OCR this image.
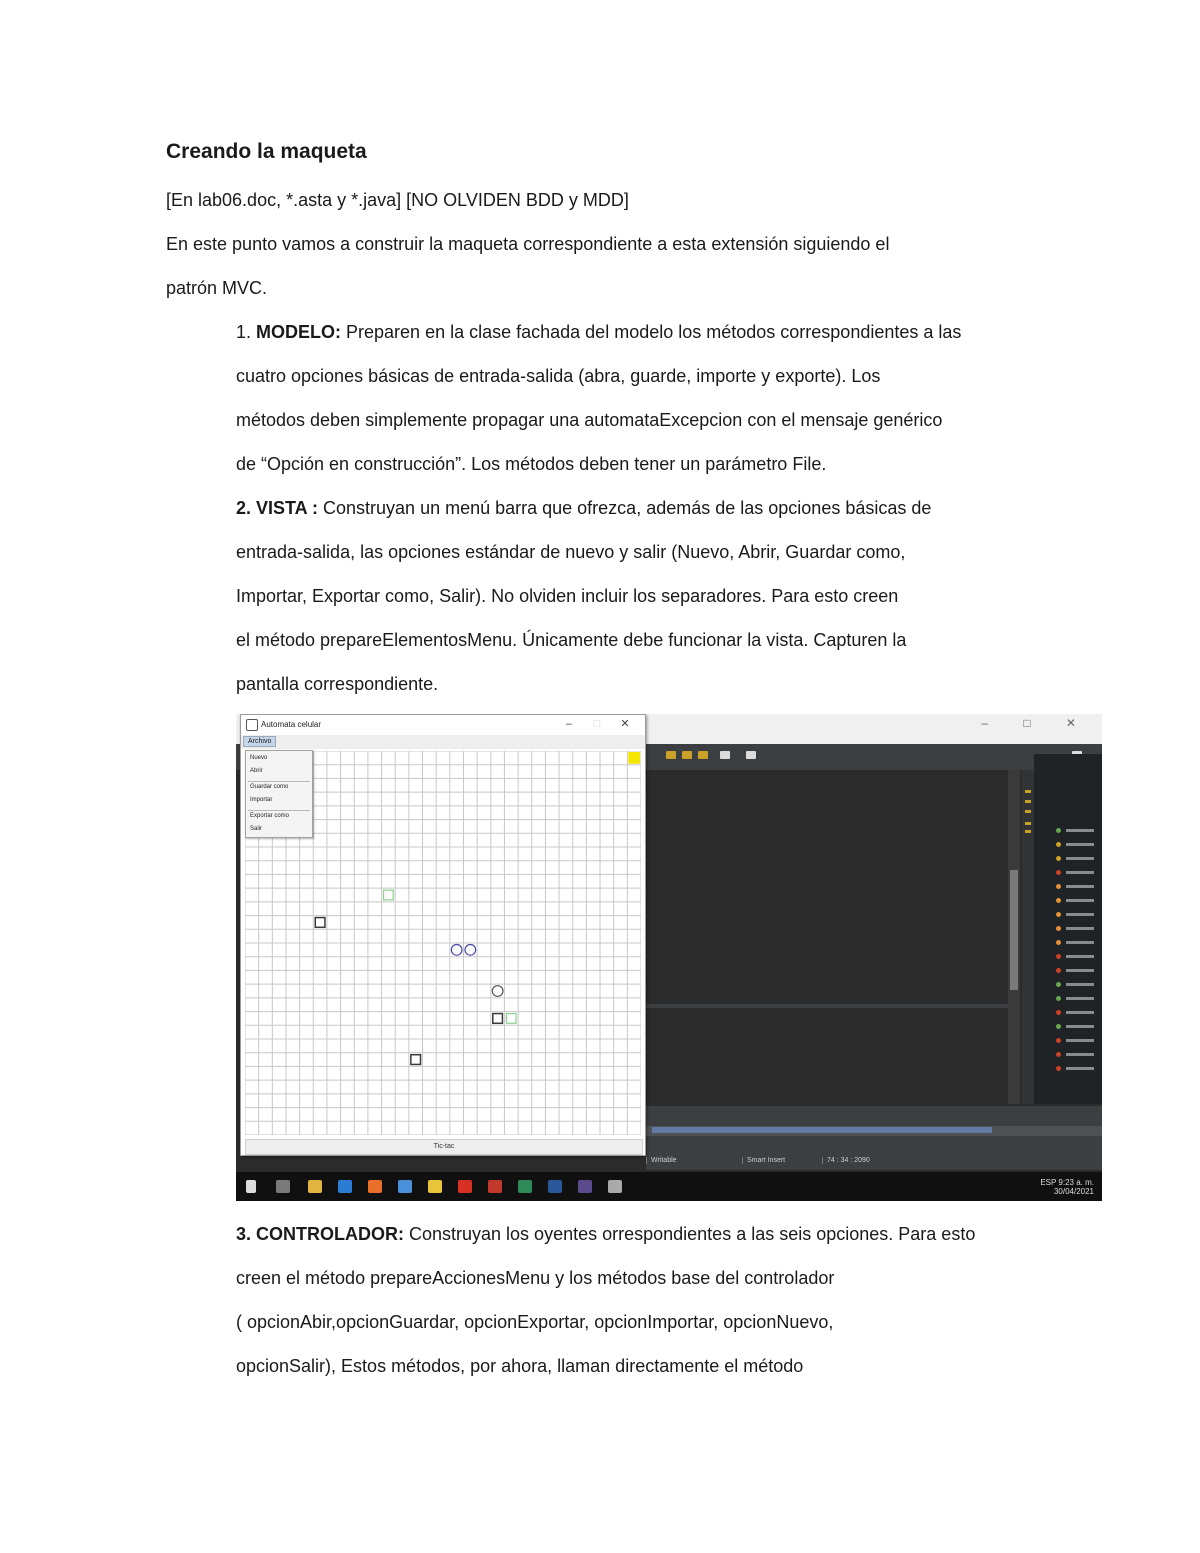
Creando la maqueta
[En lab06.doc, *.asta y *.java] [NO OLVIDEN BDD y MDD]
En este punto vamos a construir la maqueta correspondiente a esta extensión siguiendo el
patrón MVC.
1. MODELO: Preparen en la clase fachada del modelo los métodos correspondientes a las
cuatro opciones básicas de entrada-salida (abra, guarde, importe y exporte). Los
métodos deben simplemente propagar una automataExcepcion con el mensaje genérico
de “Opción en construcción”. Los métodos deben tener un parámetro File.
2. VISTA : Construyan un menú barra que ofrezca, además de las opciones básicas de
entrada-salida, las opciones estándar de nuevo y salir (Nuevo, Abrir, Guardar como,
Importar, Exportar como, Salir). No olviden incluir los separadores. Para esto creen
el método prepareElementosMenu. Únicamente debe funcionar la vista. Capturen la
pantalla correspondiente.
– □ ✕
Writable	Smart Insert	74 : 34 : 2090
ESP 9:23 a. m.
30/04/2021
Automata celular	– □ ✕
Archivo
Tic-tac
Nuevo
Abrir
Guardar como
Importar
Exportar como
Salir
3. CONTROLADOR: Construyan los oyentes orrespondientes a las seis opciones. Para esto
creen el método prepareAccionesMenu y los métodos base del controlador
( opcionAbir,opcionGuardar, opcionExportar, opcionImportar, opcionNuevo,
opcionSalir), Estos métodos, por ahora, llaman directamente el método
